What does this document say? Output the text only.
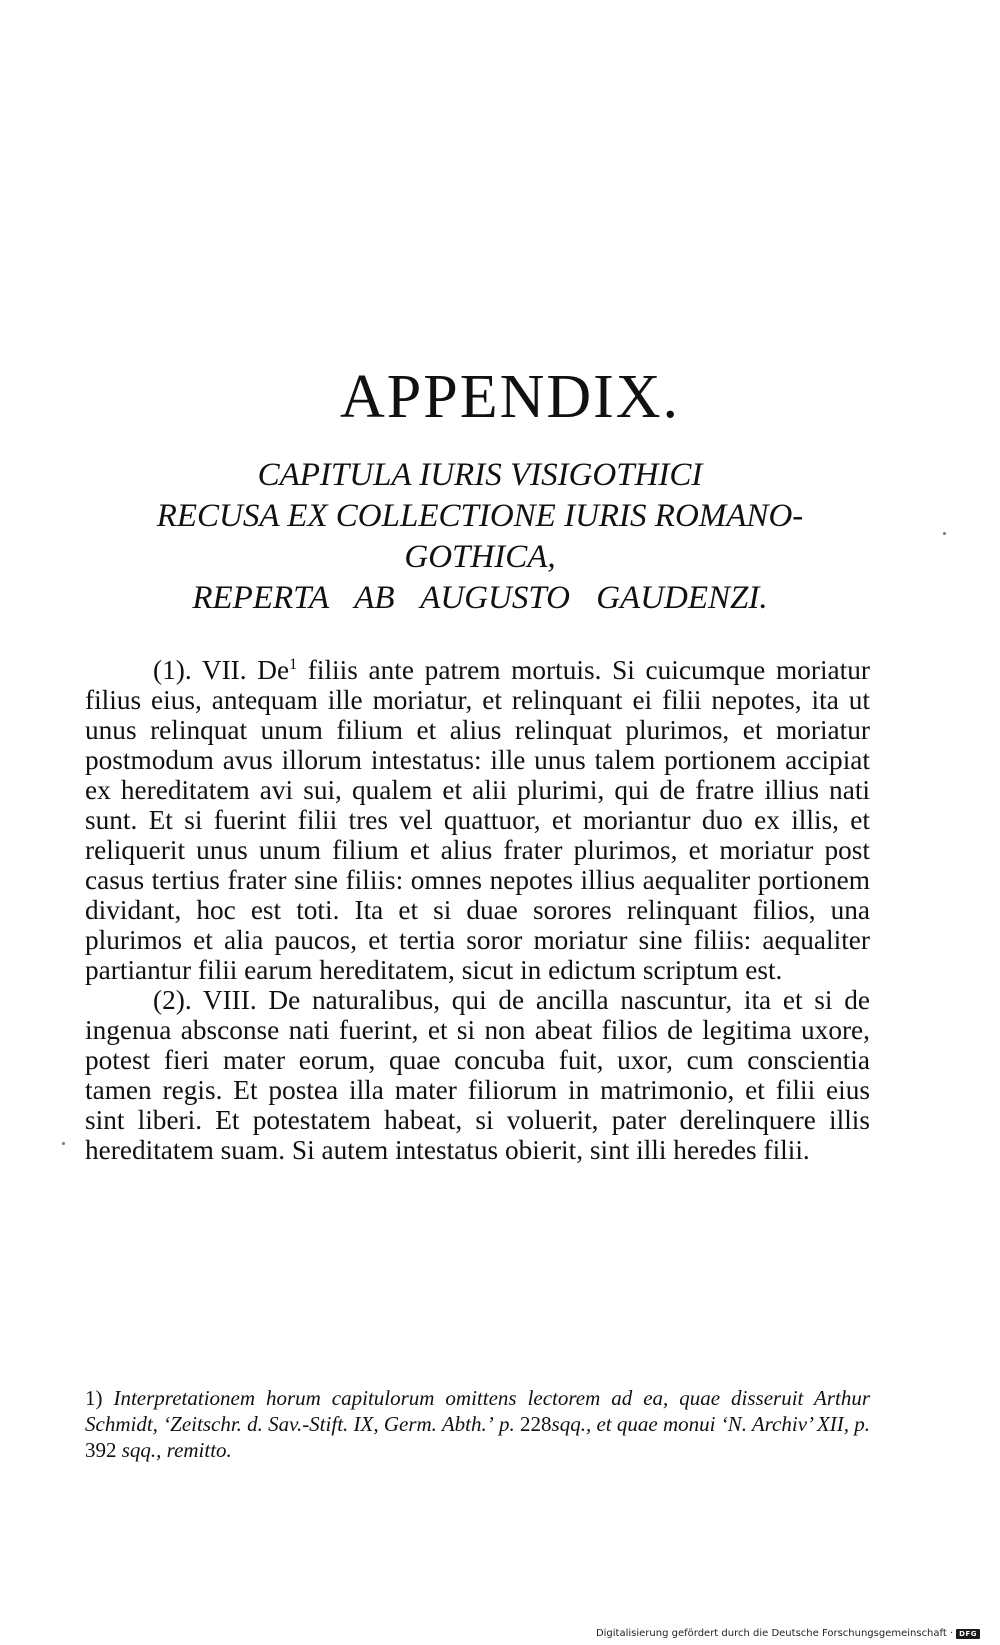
APPENDIX.
CAPITULA IURIS VISIGOTHICI
RECUSA EX COLLECTIONE IURIS ROMANO-
GOTHICA,
REPERTA AB AUGUSTO GAUDENZI.

(1). VII. De$^1$ filiis ante patrem mortuis. Si cuicumque moriatur filius eius, antequam ille moriatur, et relinquant ei filii nepotes, ita ut unus relinquat unum filium et alius relinquat plurimos, et moriatur postmodum avus illorum intestatus: ille unus talem portionem accipiat ex hereditatem avi sui, qualem et alii plurimi, qui de fratre illius nati sunt. Et si fuerint filii tres vel quattuor, et moriantur duo ex illis, et reliquerit unus unum filium et alius frater plurimos, et moriatur post casus tertius frater sine filiis: omnes nepotes illius aequaliter portionem dividant, hoc est toti. Ita et si duae sorores relinquant filios, una plurimos et alia paucos, et tertia soror moriatur sine filiis: aequaliter partiantur filii earum hereditatem, sicut in edictum scriptum est.

(2). VIII. De naturalibus, qui de ancilla nascuntur, ita et si de ingenua absconse nati fuerint, et si non abeat filios de legitima uxore, potest fieri mater eorum, quae concuba fuit, uxor, cum conscientia tamen regis. Et postea illa mater filiorum in matrimonio, et filii eius sint liberi. Et potestatem habeat, si voluerit, pater derelinquere illis hereditatem suam. Si autem intestatus obierit, sint illi heredes filii.

1) Interpretationem horum capitulorum omittens lectorem ad ea, quae disseruit Arthur Schmidt, ‘Zeitschr. d. Sav.-Stift. IX, Germ. Abth.’ p. 228sqq., et quae monui ‘N. Archiv’ XII, p. 392 sqq., remitto.
Digitalisierung gefördert durch die Deutsche Forschungsgemeinschaft · DFG
